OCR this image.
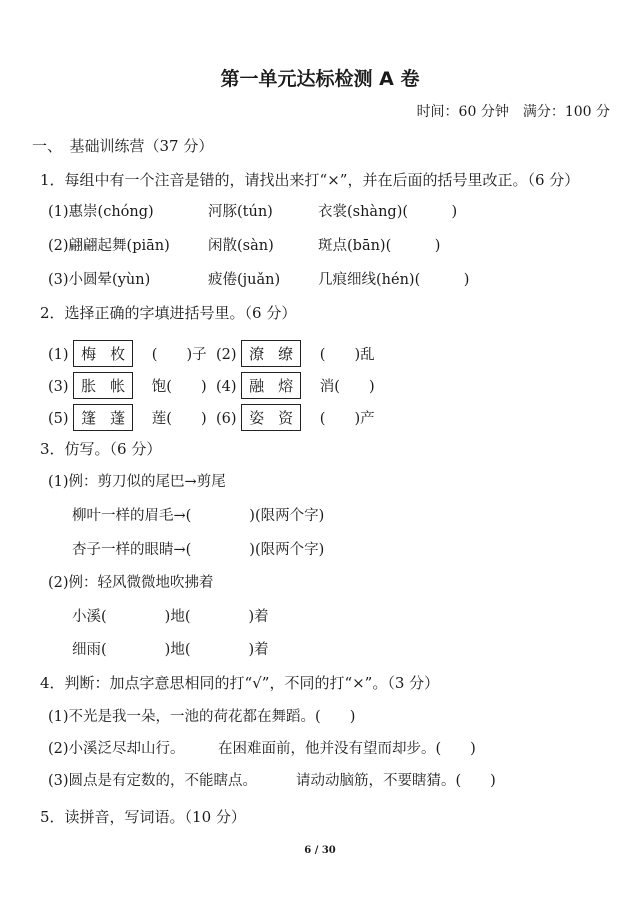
第一单元达标检测 A 卷
时间：60 分钟　满分：100 分
一、　基础训练营（37 分）
1．每组中有一个注音是错的，请找出来打“×”，并在后面的括号里改正。（6 分）
(1)惠崇(chóng)	河豚(tún)	衣裳(shàng)(　　　)
(2)翩翩起舞(piān)	闲散(sàn)	斑点(bān)(　　　)
(3)小圆晕(yùn)	疲倦(juǎn)	几痕细线(hén)(　　　)
2．选择正确的字填进括号里。（6 分）
(1) 梅枚 (　　)子 (2) 潦缭 (　　)乱
(3) 胀帐 饱(　　) (4) 融熔 消(　　)
(5) 篷蓬 莲(　　) (6) 姿资 (　　)产
3．仿写。（6 分）
(1)例：剪刀似的尾巴→剪尾
柳叶一样的眉毛→(　　　　)(限两个字)
杏子一样的眼睛→(　　　　)(限两个字)
(2)例：轻风微微地吹拂着
小溪(　　　　)地(　　　　)着
细雨(　　　　)地(　　　　)着
4．判断：加点字意思相同的打“√”，不同的打“×”。（3 分）
(1)不光是我一朵，一池的荷花都在舞蹈。(　　)
(2)小溪泛尽却山行。 在困难面前，他并没有望而却步。(　　)
(3)圆点是有定数的，不能瞎点。	请动动脑筋，不要瞎猜。(　　)
5．读拼音，写词语。（10 分）
6 / 30
